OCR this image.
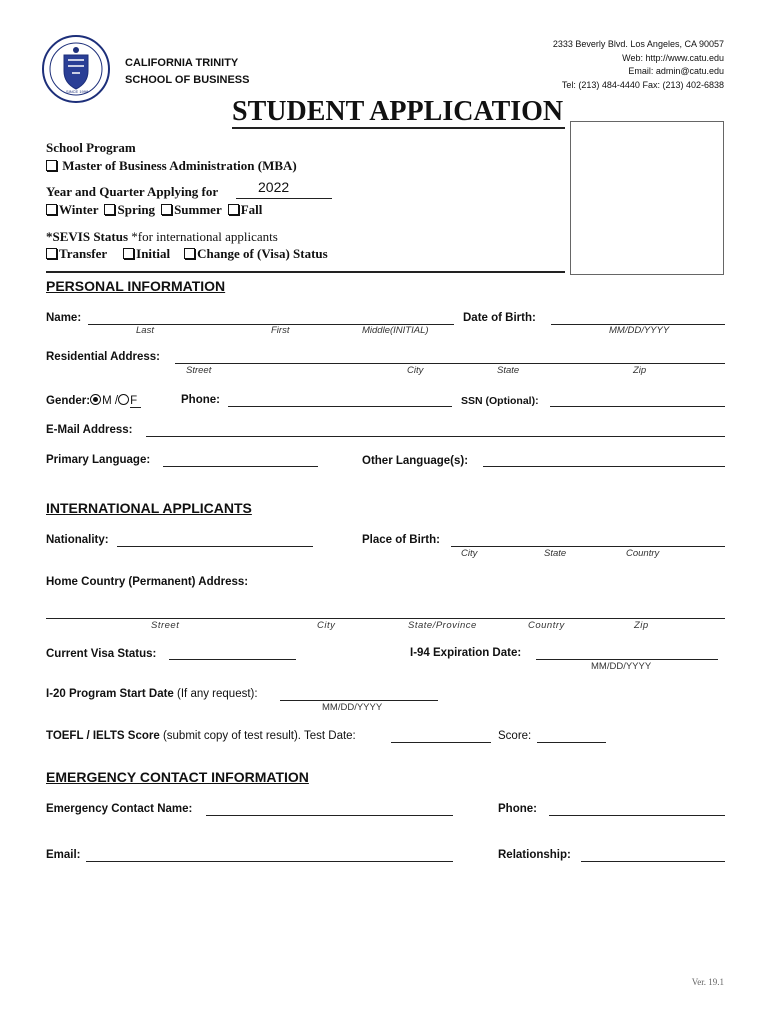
SINCE 1998
CALIFORNIA TRINITY
SCHOOL OF BUSINESS
2333 Beverly Blvd. Los Angeles, CA 90057
Web: http://www.catu.edu
Email: admin@catu.edu
Tel: (213) 484-4440 Fax: (213) 402-6838
STUDENT APPLICATION
School Program
Master of Business Administration (MBA)
Year and Quarter Applying for	2022
Winter Spring Summer Fall
*SEVIS Status *for international applicants
Transfer Initial Change of (Visa) Status
PERSONAL INFORMATION
Name:
Last	First	Middle(INITIAL)
Date of Birth:
MM/DD/YYYY
Residential Address:
Street	City	State	Zip
Gender: M / F	Phone:	SSN (Optional):
E-Mail Address:
Primary Language:	Other Language(s):
INTERNATIONAL APPLICANTS
Nationality:	Place of Birth:
City	State	Country
Home Country (Permanent) Address:
Street	City	State/Province	Country	Zip
Current Visa Status:	I-94 Expiration Date:
MM/DD/YYYY
I-20 Program Start Date (If any request):
MM/DD/YYYY
TOEFL / IELTS Score (submit copy of test result). Test Date:	Score:
EMERGENCY CONTACT INFORMATION
Emergency Contact Name:	Phone:
Email:	Relationship:
Ver. 19.1
